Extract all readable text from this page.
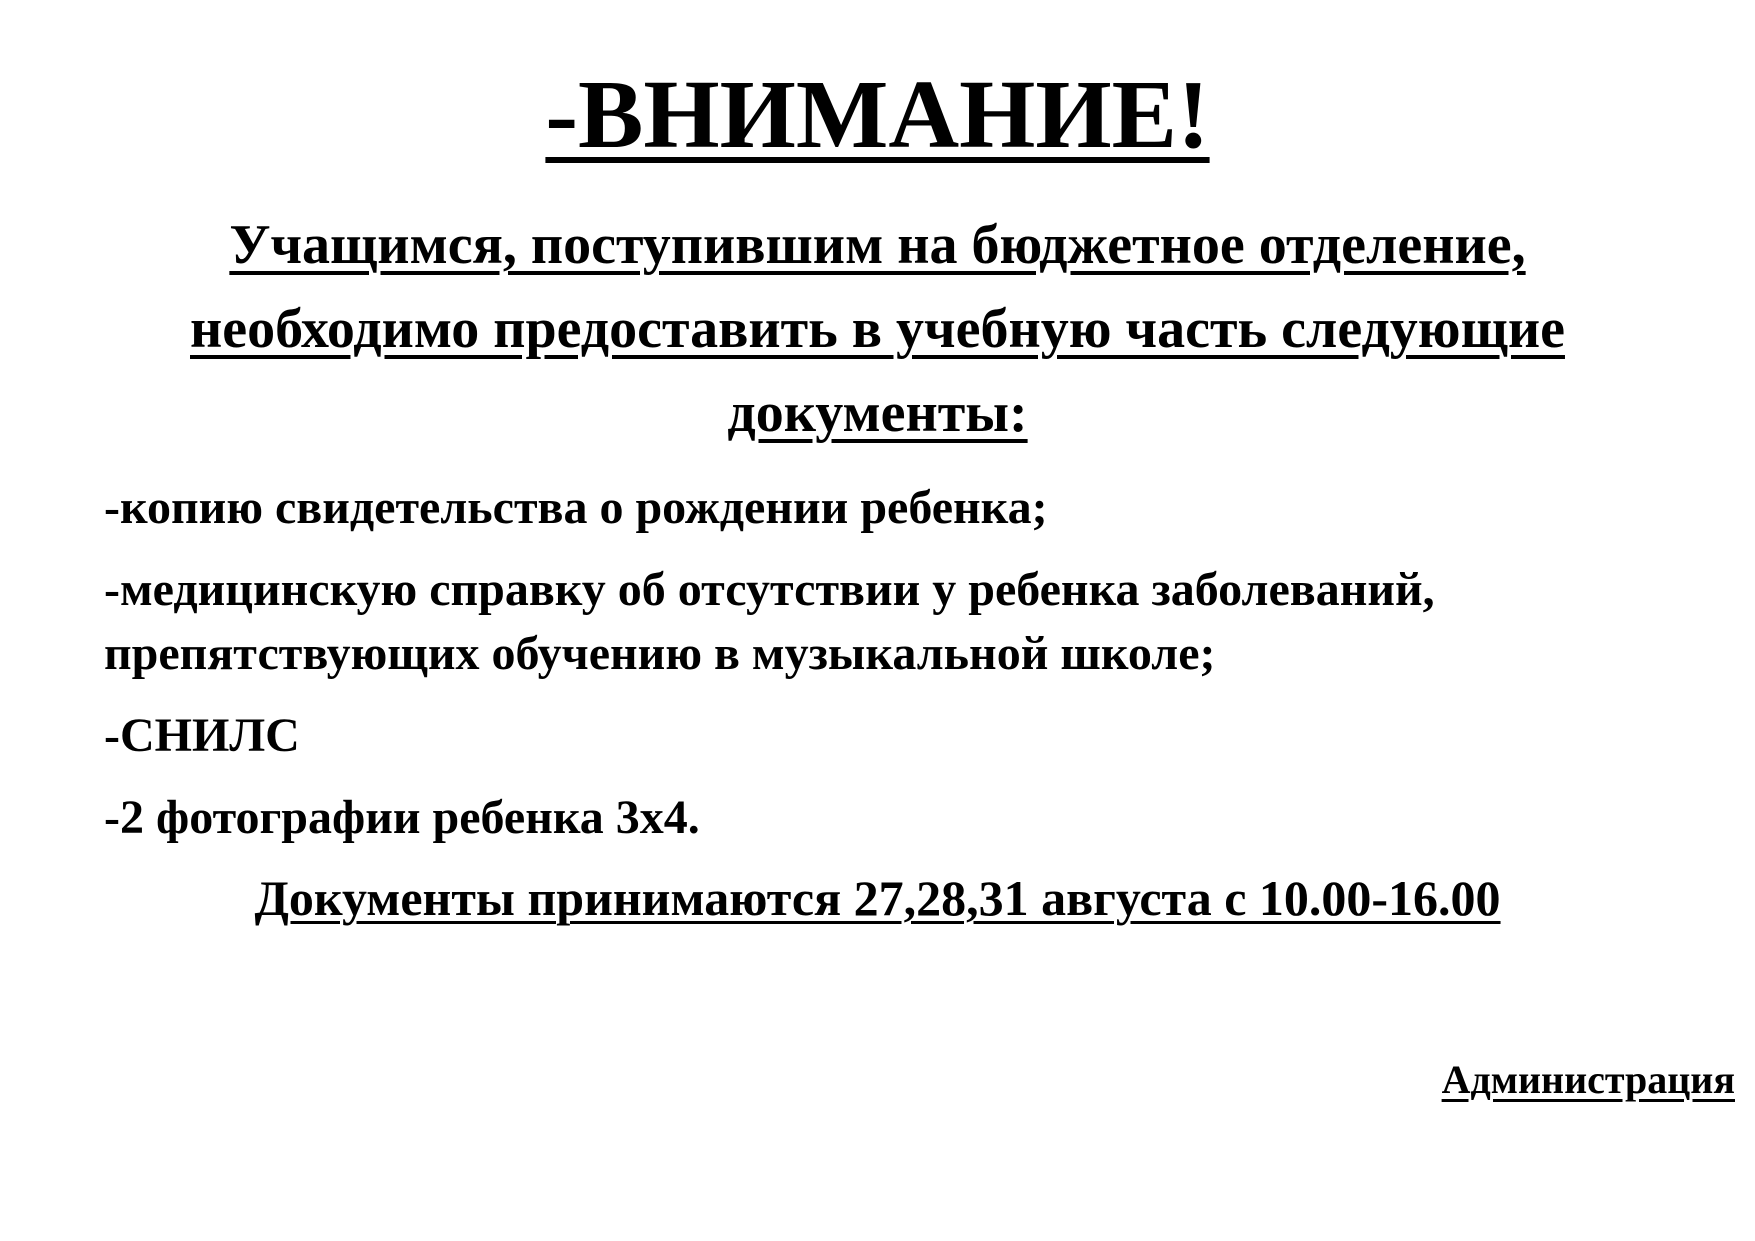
-ВНИМАНИЕ!

Учащимся, поступившим на бюджетное отделение, необходимо предоставить в учебную часть следующие документы:

-копию свидетельства о рождении ребенка;
-медицинскую справку об отсутствии у ребенка заболеваний, препятствующих обучению в музыкальной школе;
-СНИЛС
-2 фотографии ребенка 3х4.

Документы принимаются 27,28,31 августа с 10.00-16.00

Администрация
